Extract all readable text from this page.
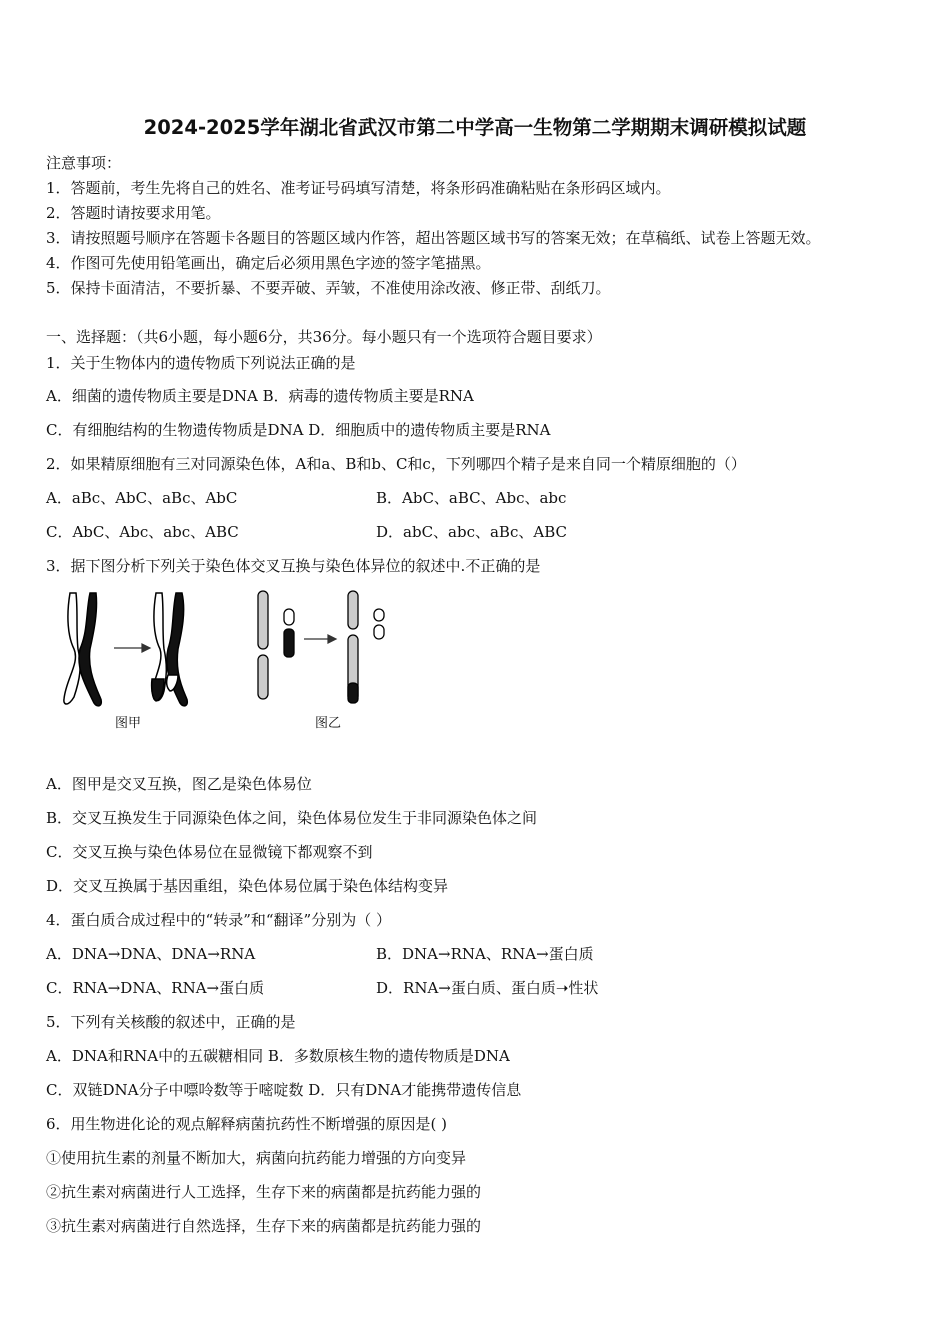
2024-2025学年湖北省武汉市第二中学高一生物第二学期期末调研模拟试题
注意事项：
1．答题前，考生先将自己的姓名、准考证号码填写清楚，将条形码准确粘贴在条形码区域内。
2．答题时请按要求用笔。
3．请按照题号顺序在答题卡各题目的答题区域内作答，超出答题区域书写的答案无效；在草稿纸、试卷上答题无效。
4．作图可先使用铅笔画出，确定后必须用黑色字迹的签字笔描黑。
5．保持卡面清洁，不要折暴、不要弄破、弄皱，不准使用涂改液、修正带、刮纸刀。
一、选择题：（共6小题，每小题6分，共36分。每小题只有一个选项符合题目要求）
1．关于生物体内的遗传物质下列说法正确的是
A．细菌的遗传物质主要是DNA B．病毒的遗传物质主要是RNA
C．有细胞结构的生物遗传物质是DNA D．细胞质中的遗传物质主要是RNA
2．如果精原细胞有三对同源染色体，A和a、B和b、C和c，下列哪四个精子是来自同一个精原细胞的（）
A．aBc、AbC、aBc、AbC	B．AbC、aBC、Abc、abc
C．AbC、Abc、abc、ABC	D．abC、abc、aBc、ABC
3．据下图分析下列关于染色体交叉互换与染色体异位的叙述中.不正确的是
图甲	图乙
A．图甲是交叉互换，图乙是染色体易位
B．交叉互换发生于同源染色体之间，染色体易位发生于非同源染色体之间
C．交叉互换与染色体易位在显微镜下都观察不到
D．交叉互换属于基因重组，染色体易位属于染色体结构变异
4．蛋白质合成过程中的“转录”和“翻译”分别为（ ）
A．DNA→DNA、DNA→RNA	B．DNA→RNA、RNA→蛋白质
C．RNA→DNA、RNA→蛋白质	D．RNA→蛋白质、蛋白质➝性状
5．下列有关核酸的叙述中，正确的是
A．DNA和RNA中的五碳糖相同 B．多数原核生物的遗传物质是DNA
C．双链DNA分子中嘌呤数等于嘧啶数 D．只有DNA才能携带遗传信息
6．用生物进化论的观点解释病菌抗药性不断增强的原因是( )
①使用抗生素的剂量不断加大，病菌向抗药能力增强的方向变异
②抗生素对病菌进行人工选择，生存下来的病菌都是抗药能力强的
③抗生素对病菌进行自然选择，生存下来的病菌都是抗药能力强的
